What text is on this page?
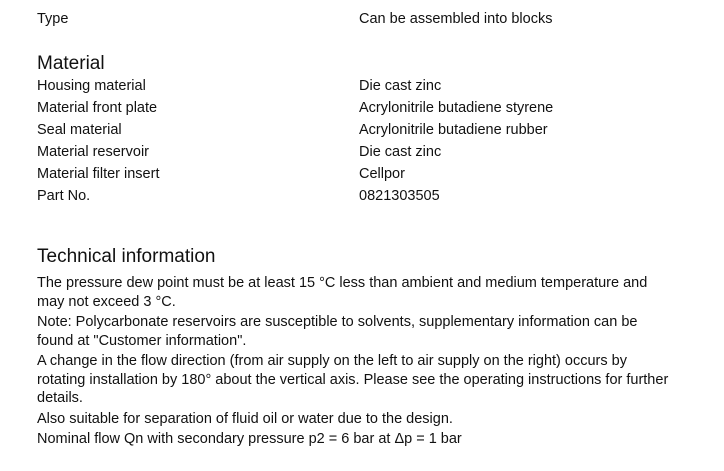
Type	Can be assembled into blocks
Material
Housing material	Die cast zinc
Material front plate	Acrylonitrile butadiene styrene
Seal material	Acrylonitrile butadiene rubber
Material reservoir	Die cast zinc
Material filter insert	Cellpor
Part No.	0821303505
Technical information
The pressure dew point must be at least 15 °C less than ambient and medium temperature and
may not exceed 3 °C.
Note: Polycarbonate reservoirs are susceptible to solvents, supplementary information can be
found at "Customer information".
A change in the flow direction (from air supply on the left to air supply on the right) occurs by
rotating installation by 180° about the vertical axis. Please see the operating instructions for further
details.
Also suitable for separation of fluid oil or water due to the design.
Nominal flow Qn with secondary pressure p2 = 6 bar at Δp = 1 bar
